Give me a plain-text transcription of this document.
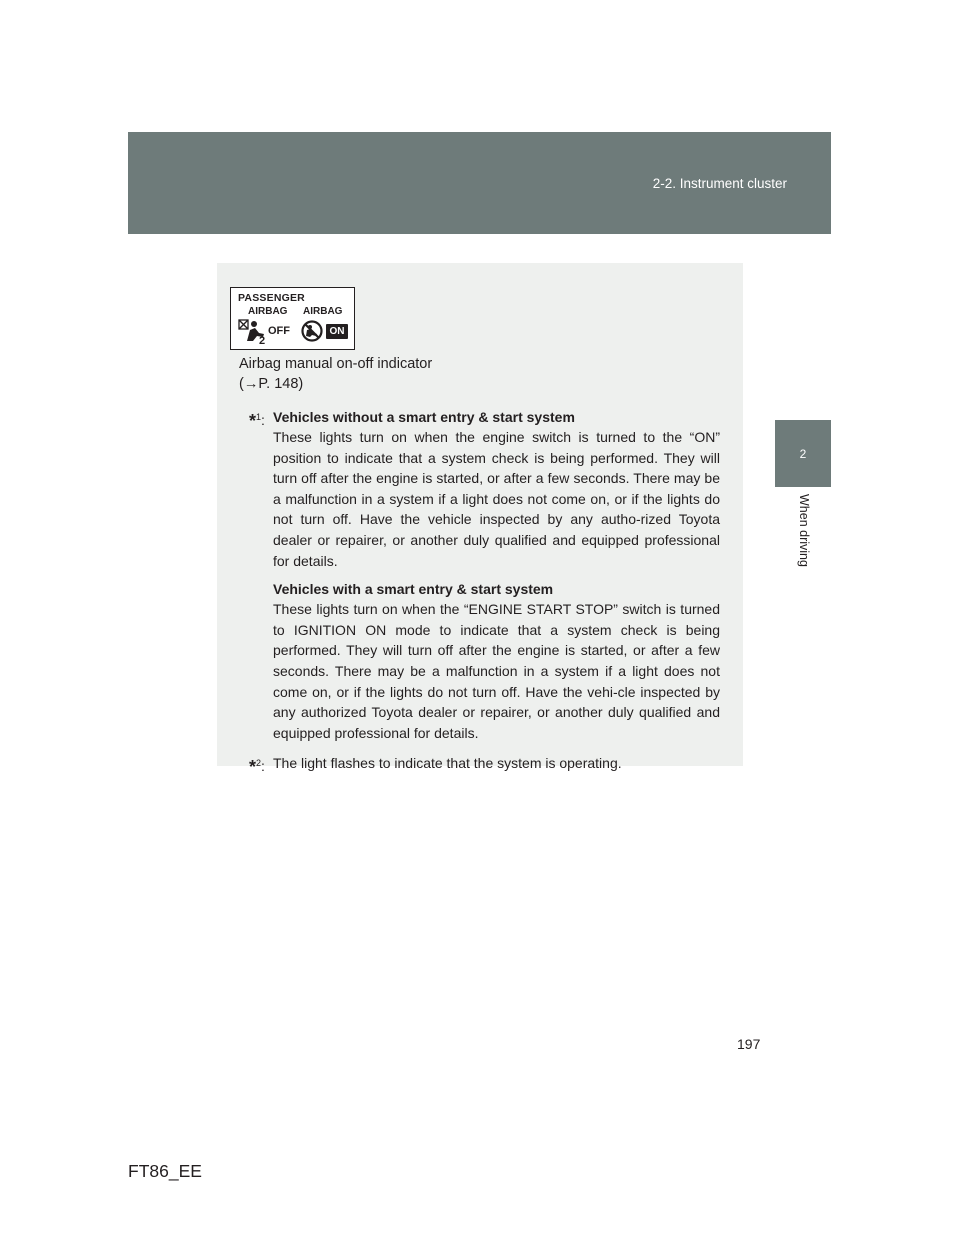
2-2. Instrument cluster
2
When driving
PASSENGER
AIRBAG AIRBAG
2
OFF	ON
Airbag manual on-off indicator
(→P. 148)
*$^1$: Vehicles without a smart entry & start system

These lights turn on when the engine switch is turned to the “ON” position to indicate that a system check is being performed. They will turn off after the engine is started, or after a few seconds. There may be a malfunction in a system if a light does not come on, or if the lights do not turn off. Have the vehicle inspected by any autho-rized Toyota dealer or repairer, or another duly qualified and equipped professional for details.

Vehicles with a smart entry & start system

These lights turn on when the “ENGINE START STOP” switch is turned to IGNITION ON mode to indicate that a system check is being performed. They will turn off after the engine is started, or after a few seconds. There may be a malfunction in a system if a light does not come on, or if the lights do not turn off. Have the vehi-cle inspected by any authorized Toyota dealer or repairer, or another duly qualified and equipped professional for details.

*$^2$: The light flashes to indicate that the system is operating.

197
FT86_EE
